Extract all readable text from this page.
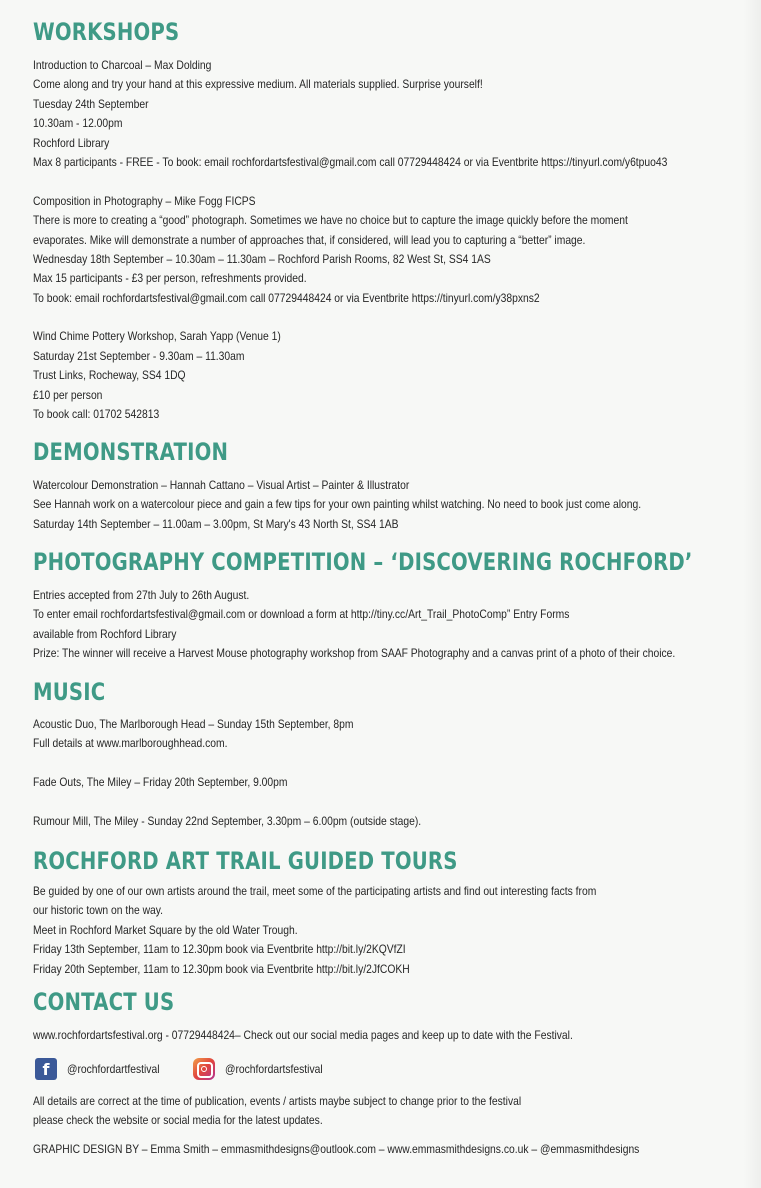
WORKSHOPS
Introduction to Charcoal – Max Dolding
Come along and try your hand at this expressive medium. All materials supplied. Surprise yourself!
Tuesday 24th September
10.30am - 12.00pm
Rochford Library
Max 8 participants - FREE - To book: email rochfordartsfestival@gmail.com call 07729448424 or via Eventbrite https://tinyurl.com/y6tpuo43
Composition in Photography – Mike Fogg FICPS
There is more to creating a “good” photograph. Sometimes we have no choice but to capture the image quickly before the moment
evaporates. Mike will demonstrate a number of approaches that, if considered, will lead you to capturing a “better” image.
Wednesday 18th September – 10.30am – 11.30am – Rochford Parish Rooms, 82 West St, SS4 1AS
Max 15 participants - £3 per person, refreshments provided.
To book: email rochfordartsfestival@gmail.com call 07729448424 or via Eventbrite https://tinyurl.com/y38pxns2
Wind Chime Pottery Workshop, Sarah Yapp (Venue 1)
Saturday 21st September - 9.30am – 11.30am
Trust Links, Rocheway, SS4 1DQ
£10 per person
To book call: 01702 542813
DEMONSTRATION
Watercolour Demonstration – Hannah Cattano – Visual Artist – Painter & Illustrator
See Hannah work on a watercolour piece and gain a few tips for your own painting whilst watching. No need to book just come along.
Saturday 14th September – 11.00am – 3.00pm, St Mary's 43 North St, SS4 1AB
PHOTOGRAPHY COMPETITION – ‘DISCOVERING ROCHFORD’
Entries accepted from 27th July to 26th August.
To enter email rochfordartsfestival@gmail.com or download a form at http://tiny.cc/Art_Trail_PhotoComp” Entry Forms
available from Rochford Library
Prize: The winner will receive a Harvest Mouse photography workshop from SAAF Photography and a canvas print of a photo of their choice.
MUSIC
Acoustic Duo, The Marlborough Head – Sunday 15th September, 8pm
Full details at www.marlboroughhead.com.
Fade Outs, The Miley – Friday 20th September, 9.00pm
Rumour Mill, The Miley - Sunday 22nd September, 3.30pm – 6.00pm (outside stage).
ROCHFORD ART TRAIL GUIDED TOURS
Be guided by one of our own artists around the trail, meet some of the participating artists and find out interesting facts from
our historic town on the way.
Meet in Rochford Market Square by the old Water Trough.
Friday 13th September, 11am to 12.30pm book via Eventbrite http://bit.ly/2KQVfZI
Friday 20th September, 11am to 12.30pm book via Eventbrite http://bit.ly/2JfCOKH
CONTACT US
www.rochfordartsfestival.org - 07729448424– Check out our social media pages and keep up to date with the Festival.
f	@rochfordartfestival	@rochfordartsfestival
All details are correct at the time of publication, events / artists maybe subject to change prior to the festival
please check the website or social media for the latest updates.
GRAPHIC DESIGN BY – Emma Smith – emmasmithdesigns@outlook.com – www.emmasmithdesigns.co.uk – @emmasmithdesigns
